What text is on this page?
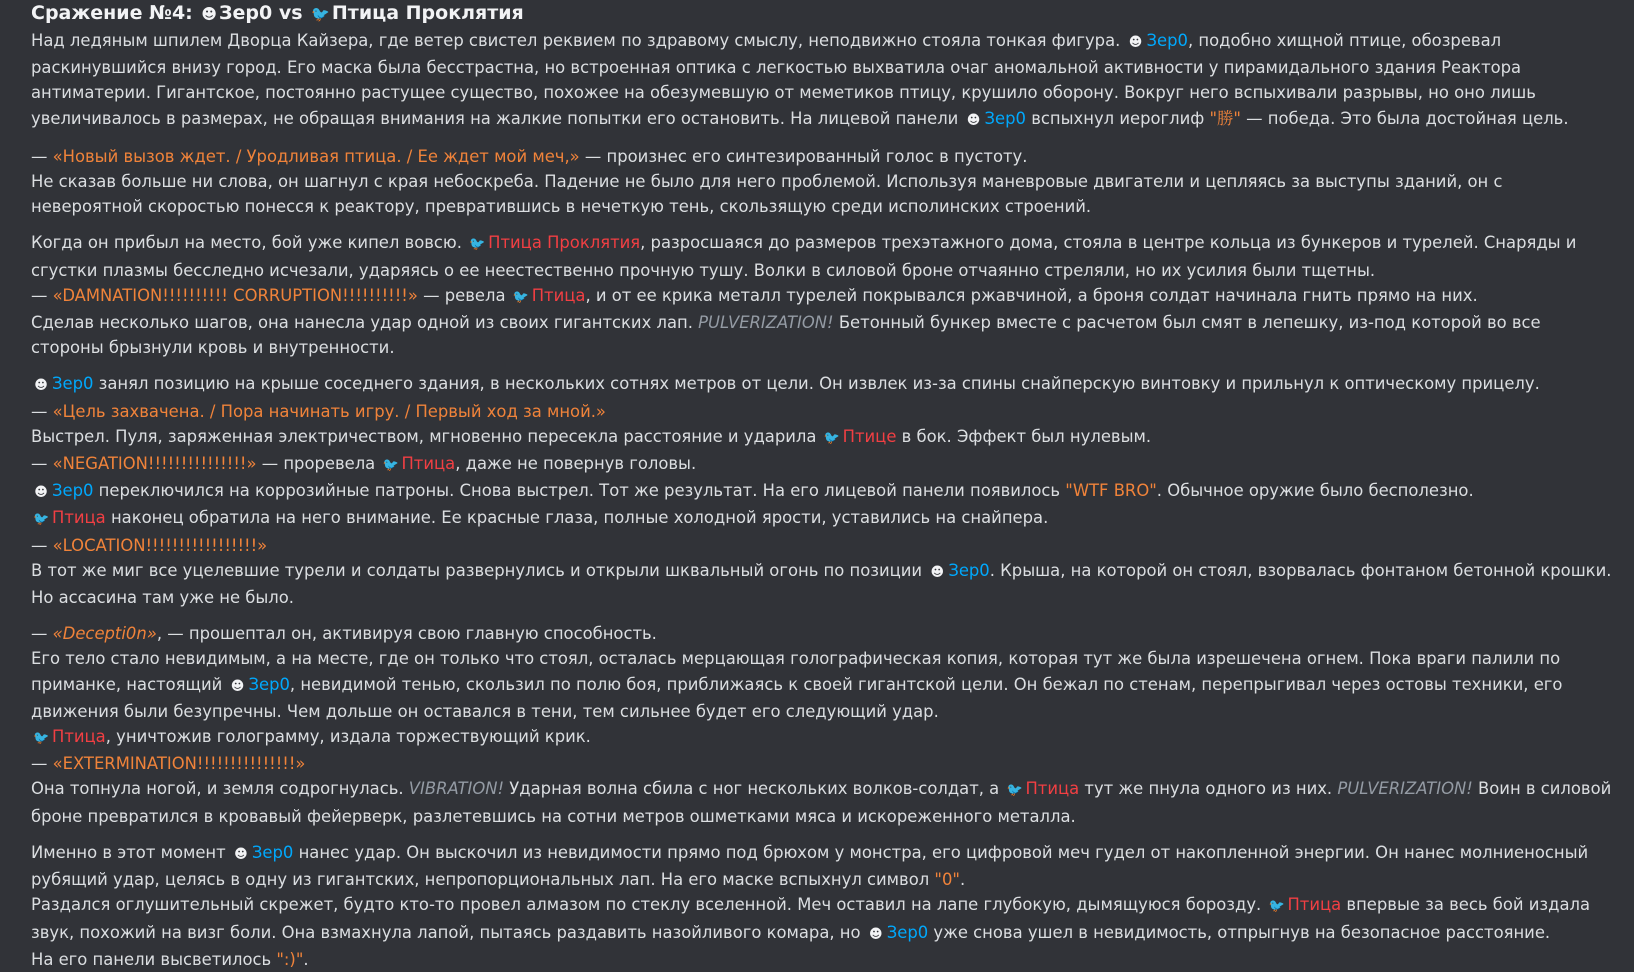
Сражение №4: ☻ Зер0 vs 🐦 Птица Проклятия

Над ледяным шпилем Дворца Кайзера, где ветер свистел реквием по здравому смыслу, неподвижно стояла тонкая фигура. ☻ Зер0, подобно хищной птице, обозревал раскинувшийся внизу город. Его маска была бесстрастна, но встроенная оптика с легкостью выхватила очаг аномальной активности у пирамидального здания Реактора антиматерии. Гигантское, постоянно растущее существо, похожее на обезумевшую от меметиков птицу, крушило оборону. Вокруг него вспыхивали разрывы, но оно лишь увеличивалось в размерах, не обращая внимания на жалкие попытки его остановить. На лицевой панели ☻ Зер0 вспыхнул иероглиф "勝" — победа. Это была достойная цель.

— «Новый вызов ждет. / Уродливая птица. / Ее ждет мой меч,» — произнес его синтезированный голос в пустоту.
Не сказав больше ни слова, он шагнул с края небоскреба. Падение не было для него проблемой. Используя маневровые двигатели и цепляясь за выступы зданий, он с невероятной скоростью понесся к реактору, превратившись в нечеткую тень, скользящую среди исполинских строений.

Когда он прибыл на место, бой уже кипел вовсю. 🐦 Птица Проклятия, разросшаяся до размеров трехэтажного дома, стояла в центре кольца из бункеров и турелей. Снаряды и сгустки плазмы бесследно исчезали, ударяясь о ее неестественно прочную тушу. Волки в силовой броне отчаянно стреляли, но их усилия были тщетны.
— «DAMNATION!!!!!!!!!! CORRUPTION!!!!!!!!!!» — ревела 🐦 Птица, и от ее крика металл турелей покрывался ржавчиной, а броня солдат начинала гнить прямо на них.
Сделав несколько шагов, она нанесла удар одной из своих гигантских лап. PULVERIZATION! Бетонный бункер вместе с расчетом был смят в лепешку, из-под которой во все стороны брызнули кровь и внутренности.

☻ Зер0 занял позицию на крыше соседнего здания, в нескольких сотнях метров от цели. Он извлек из-за спины снайперскую винтовку и прильнул к оптическому прицелу.
— «Цель захвачена. / Пора начинать игру. / Первый ход за мной.»
Выстрел. Пуля, заряженная электричеством, мгновенно пересекла расстояние и ударила 🐦 Птице в бок. Эффект был нулевым.
— «NEGATION!!!!!!!!!!!!!!!» — проревела 🐦 Птица, даже не повернув головы.
☻ Зер0 переключился на коррозийные патроны. Снова выстрел. Тот же результат. На его лицевой панели появилось "WTF BRO". Обычное оружие было бесполезно.
🐦 Птица наконец обратила на него внимание. Ее красные глаза, полные холодной ярости, уставились на снайпера.
— «LOCATION!!!!!!!!!!!!!!!!!»
В тот же миг все уцелевшие турели и солдаты развернулись и открыли шквальный огонь по позиции ☻ Зер0. Крыша, на которой он стоял, взорвалась фонтаном бетонной крошки.
Но ассасина там уже не было.

— «Decepti0n», — прошептал он, активируя свою главную способность.
Его тело стало невидимым, а на месте, где он только что стоял, осталась мерцающая голографическая копия, которая тут же была изрешечена огнем. Пока враги палили по приманке, настоящий ☻ Зер0, невидимой тенью, скользил по полю боя, приближаясь к своей гигантской цели. Он бежал по стенам, перепрыгивал через остовы техники, его движения были безупречны. Чем дольше он оставался в тени, тем сильнее будет его следующий удар.
🐦 Птица, уничтожив голограмму, издала торжествующий крик.
— «EXTERMINATION!!!!!!!!!!!!!!!»
Она топнула ногой, и земля содрогнулась. VIBRATION! Ударная волна сбила с ног нескольких волков-солдат, а 🐦 Птица тут же пнула одного из них. PULVERIZATION! Воин в силовой броне превратился в кровавый фейерверк, разлетевшись на сотни метров ошметками мяса и искореженного металла.

Именно в этот момент ☻ Зер0 нанес удар. Он выскочил из невидимости прямо под брюхом у монстра, его цифровой меч гудел от накопленной энергии. Он нанес молниеносный рубящий удар, целясь в одну из гигантских, непропорциональных лап. На его маске вспыхнул символ "0".
Раздался оглушительный скрежет, будто кто-то провел алмазом по стеклу вселенной. Меч оставил на лапе глубокую, дымящуюся борозду. 🐦 Птица впервые за весь бой издала звук, похожий на визг боли. Она взмахнула лапой, пытаясь раздавить назойливого комара, но ☻ Зер0 уже снова ушел в невидимость, отпрыгнув на безопасное расстояние.
На его панели высветилось ":)".
